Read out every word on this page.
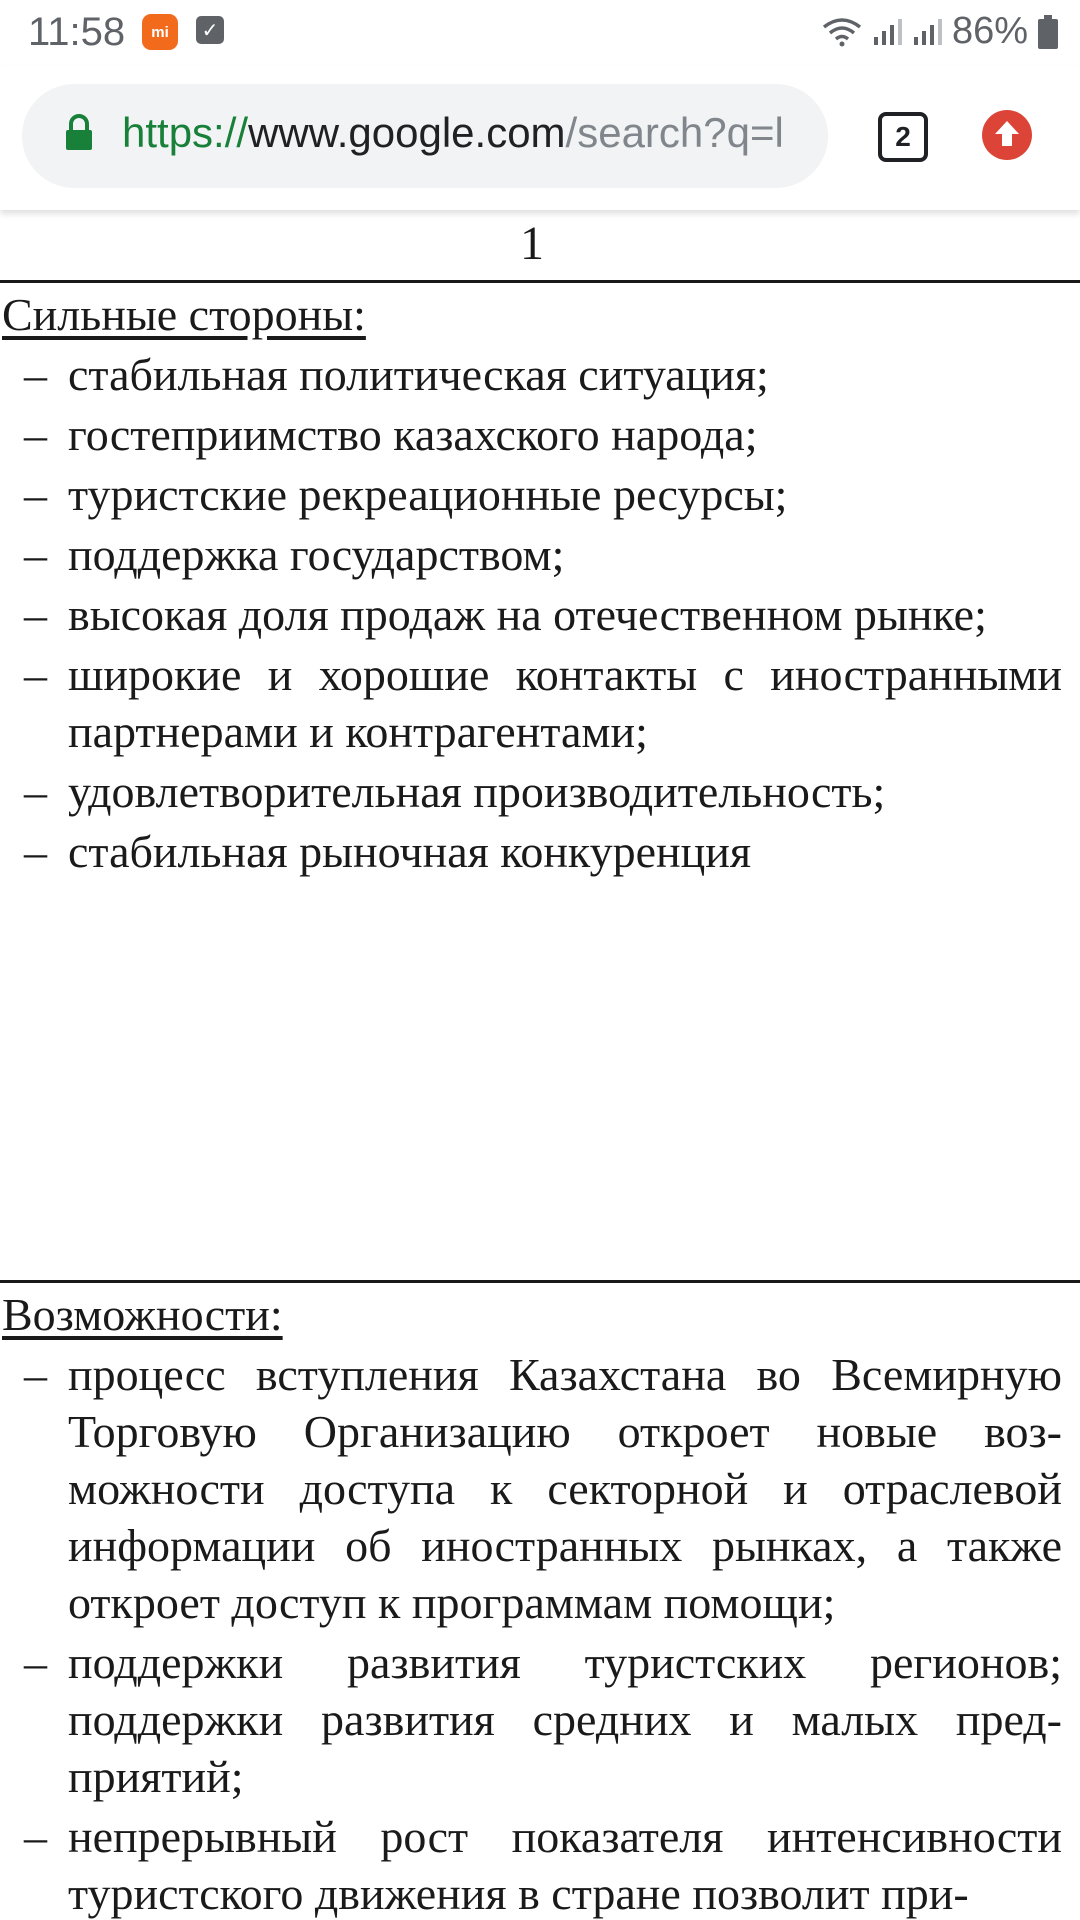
11:58	mi	✓	86%
https://www.google.com/search?q=l	2
1
Сильные стороны:
– стабильная политическая ситуация;
– гостеприимство казахского народа;
– туристские рекреационные ресурсы;
– поддержка государством;
– высокая доля продаж на отечественном рынке;
– широкие и хорошие контакты с иностранными партнерами и контрагентами;
– удовлетворительная производительность;
– стабильная рыночная конкуренция
Возможности:
– процесс вступления Казахстана во Всемирную Торговую Организацию откроет новые воз-можности доступа к секторной и отраслевой информации об иностранных рынках, а также откроет доступ к программам помощи;
– поддержки развития туристских регионов; поддержки развития средних и малых пред-приятий;
– непрерывный рост показателя интенсивности туристского движения в стране позволит при-
